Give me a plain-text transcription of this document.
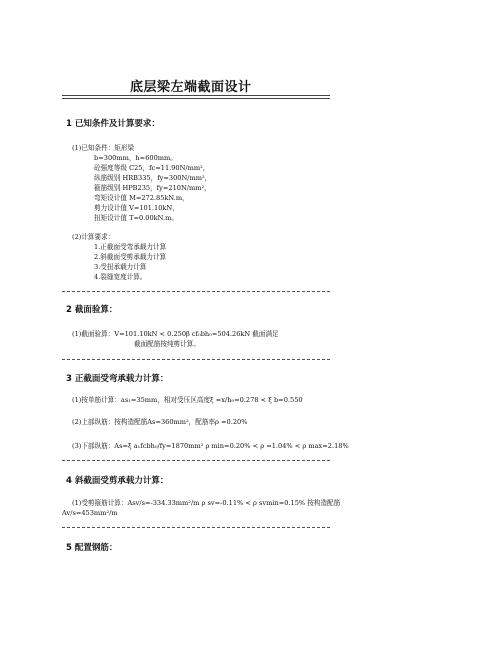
底层梁左端截面设计
1 已知条件及计算要求：
(1)已知条件：矩形梁
b=300mm，h=600mm。
砼强度等级 C25，fc=11.90N/mm²，
纵筋级别 HRB335，fy=300N/mm²，
箍筋级别 HPB235，fy=210N/mm²，
弯矩设计值 M=272.85kN.m，
剪力设计值 V=101.10kN，
扭矩设计值 T=0.00kN.m。
(2)计算要求：
1.正截面受弯承载力计算
2.斜截面受剪承载力计算
3.受扭承载力计算
4.裂缝宽度计算。
2 截面验算：
(1)截面验算：V=101.10kN < 0.250β cf₀bh₀=504.26kN 截面满足
截面配筋按纯剪计算。
3 正截面受弯承载力计算：
(1)按单筋计算：as₁=35mm，相对受压区高度ξ =x/h₀=0.278 < ξ b=0.550
(2)上部纵筋：按构造配筋As=360mm²，配筋率ρ =0.20%
(3)下部纵筋：As=ξ a₁fcbh₀/fy=1870mm² ρ min=0.20% < ρ =1.04% < ρ max=2.18%
4 斜截面受剪承载力计算：
(1)受剪箍筋计算：Asv/s=-334.33mm²/m ρ sv=-0.11% < ρ svmin=0.15% 按构造配筋
Av/s=453mm²/m
5 配置钢筋：
